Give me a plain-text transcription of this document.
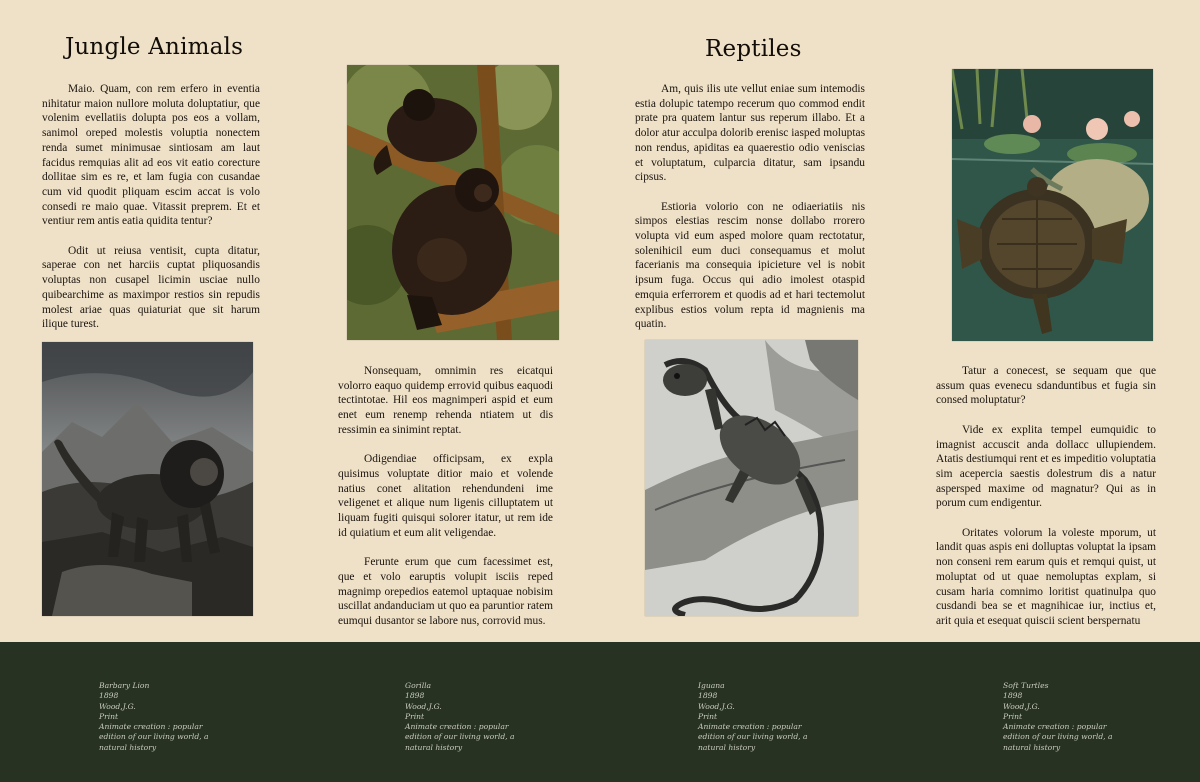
Jungle Animals	Reptiles

Maio. Quam, con rem erfero in eventia nihitatur maion nullore moluta doluptatiur, que volenim evellatiis dolupta pos eos a vollam, sanimol oreped molestis voluptia nonectem renda sumet minimusae sintiosam am laut facidus remquias alit ad eos vit eatio corecture dollitae sim es re, et lam fugia con cusandae cum vid quodit pliquam escim accat is volo consedi re maio quae. Vitassit preprem. Et et ventiur rem antis eatia quidita tentur?

Odit ut reiusa ventisit, cupta ditatur, saperae con net harciis cuptat pliquosandis voluptas non cusapel licimin usciae nullo quibearchime as maximpor restios sin repudis molest ariae quas quiaturiat que sit harum ilique turest.

Nonsequam, omnimin res eicatqui volorro eaquo quidemp errovid quibus eaquodi tectintotae. Hil eos magnimperi aspid et eum enet eum renemp rehenda ntiatem ut dis ressimin ea sinimint reptat.

Odigendiae officipsam, ex expla quisimus voluptate ditior maio et volende natius conet alitation rehendundeni ime veligenet et alique num ligenis cilluptatem ut liquam fugiti quisqui solorer itatur, ut rem ide id quiatium et eum alit veligendae.

Ferunte erum que cum facessimet est, que et volo earuptis volupit isciis reped magnimp orepedios eatemol uptaquae nobisim uscillat andanduciam ut quo ea paruntior ratem eumqui dusantor se labore nus, corrovid mus.

Am, quis ilis ute vellut eniae sum intemodis estia dolupic tatempo recerum quo commod endit prate pra quatem lantur sus reperum illabo. Et a dolor atur acculpa dolorib erenisc iasped moluptas non rendus, apiditas ea quaerestio odio veniscias et voluptatum, culparcia ditatur, sam ipsandu cipsus.

Estioria volorio con ne odiaeriatiis nis simpos elestias rescim nonse dollabo rrorero volupta vid eum asped molore quam rectotatur, solenihicil eum duci consequamus et molut facerianis ma consequia ipicieture vel is nobit ipsum fuga. Occus qui adio imolest otaspid emquia erferrorem et quodis ad et hari tectemolut explibus estios volum repta id magnienis ma quatin.

Tatur a conecest, se sequam que que assum quas evenecu sdanduntibus et fugia sin consed moluptatur?

Vide ex explita tempel eumquidic to imagnist accuscit anda dollacc ullupiendem. Atatis destiumqui rent et es impeditio voluptatia sim acepercia saestis dolestrum dis a natur aspersped maxime od magnatur? Qui as in porum cum endigentur.

Oritates volorum la voleste mporum, ut landit quas aspis eni dolluptas voluptat la ipsam non conseni rem earum quis et remqui quist, ut moluptat od ut quae nemoluptas explam, si cusam haria comnimo loritist quatinulpa quo cusdandi bea se et magnihicae iur, inctius et, arit quia et esequat quiscii scient berspernatu

Barbary Lion
1898
Wood,J.G.
Print
Animate creation : popular
edition of our living world, a
natural history
Gorilla
1898
Wood,J.G.
Print
Animate creation : popular
edition of our living world, a
natural history
Iguana
1898
Wood,J.G.
Print
Animate creation : popular
edition of our living world, a
natural history
Soft Turtles
1898
Wood,J.G.
Print
Animate creation : popular
edition of our living world, a
natural history
